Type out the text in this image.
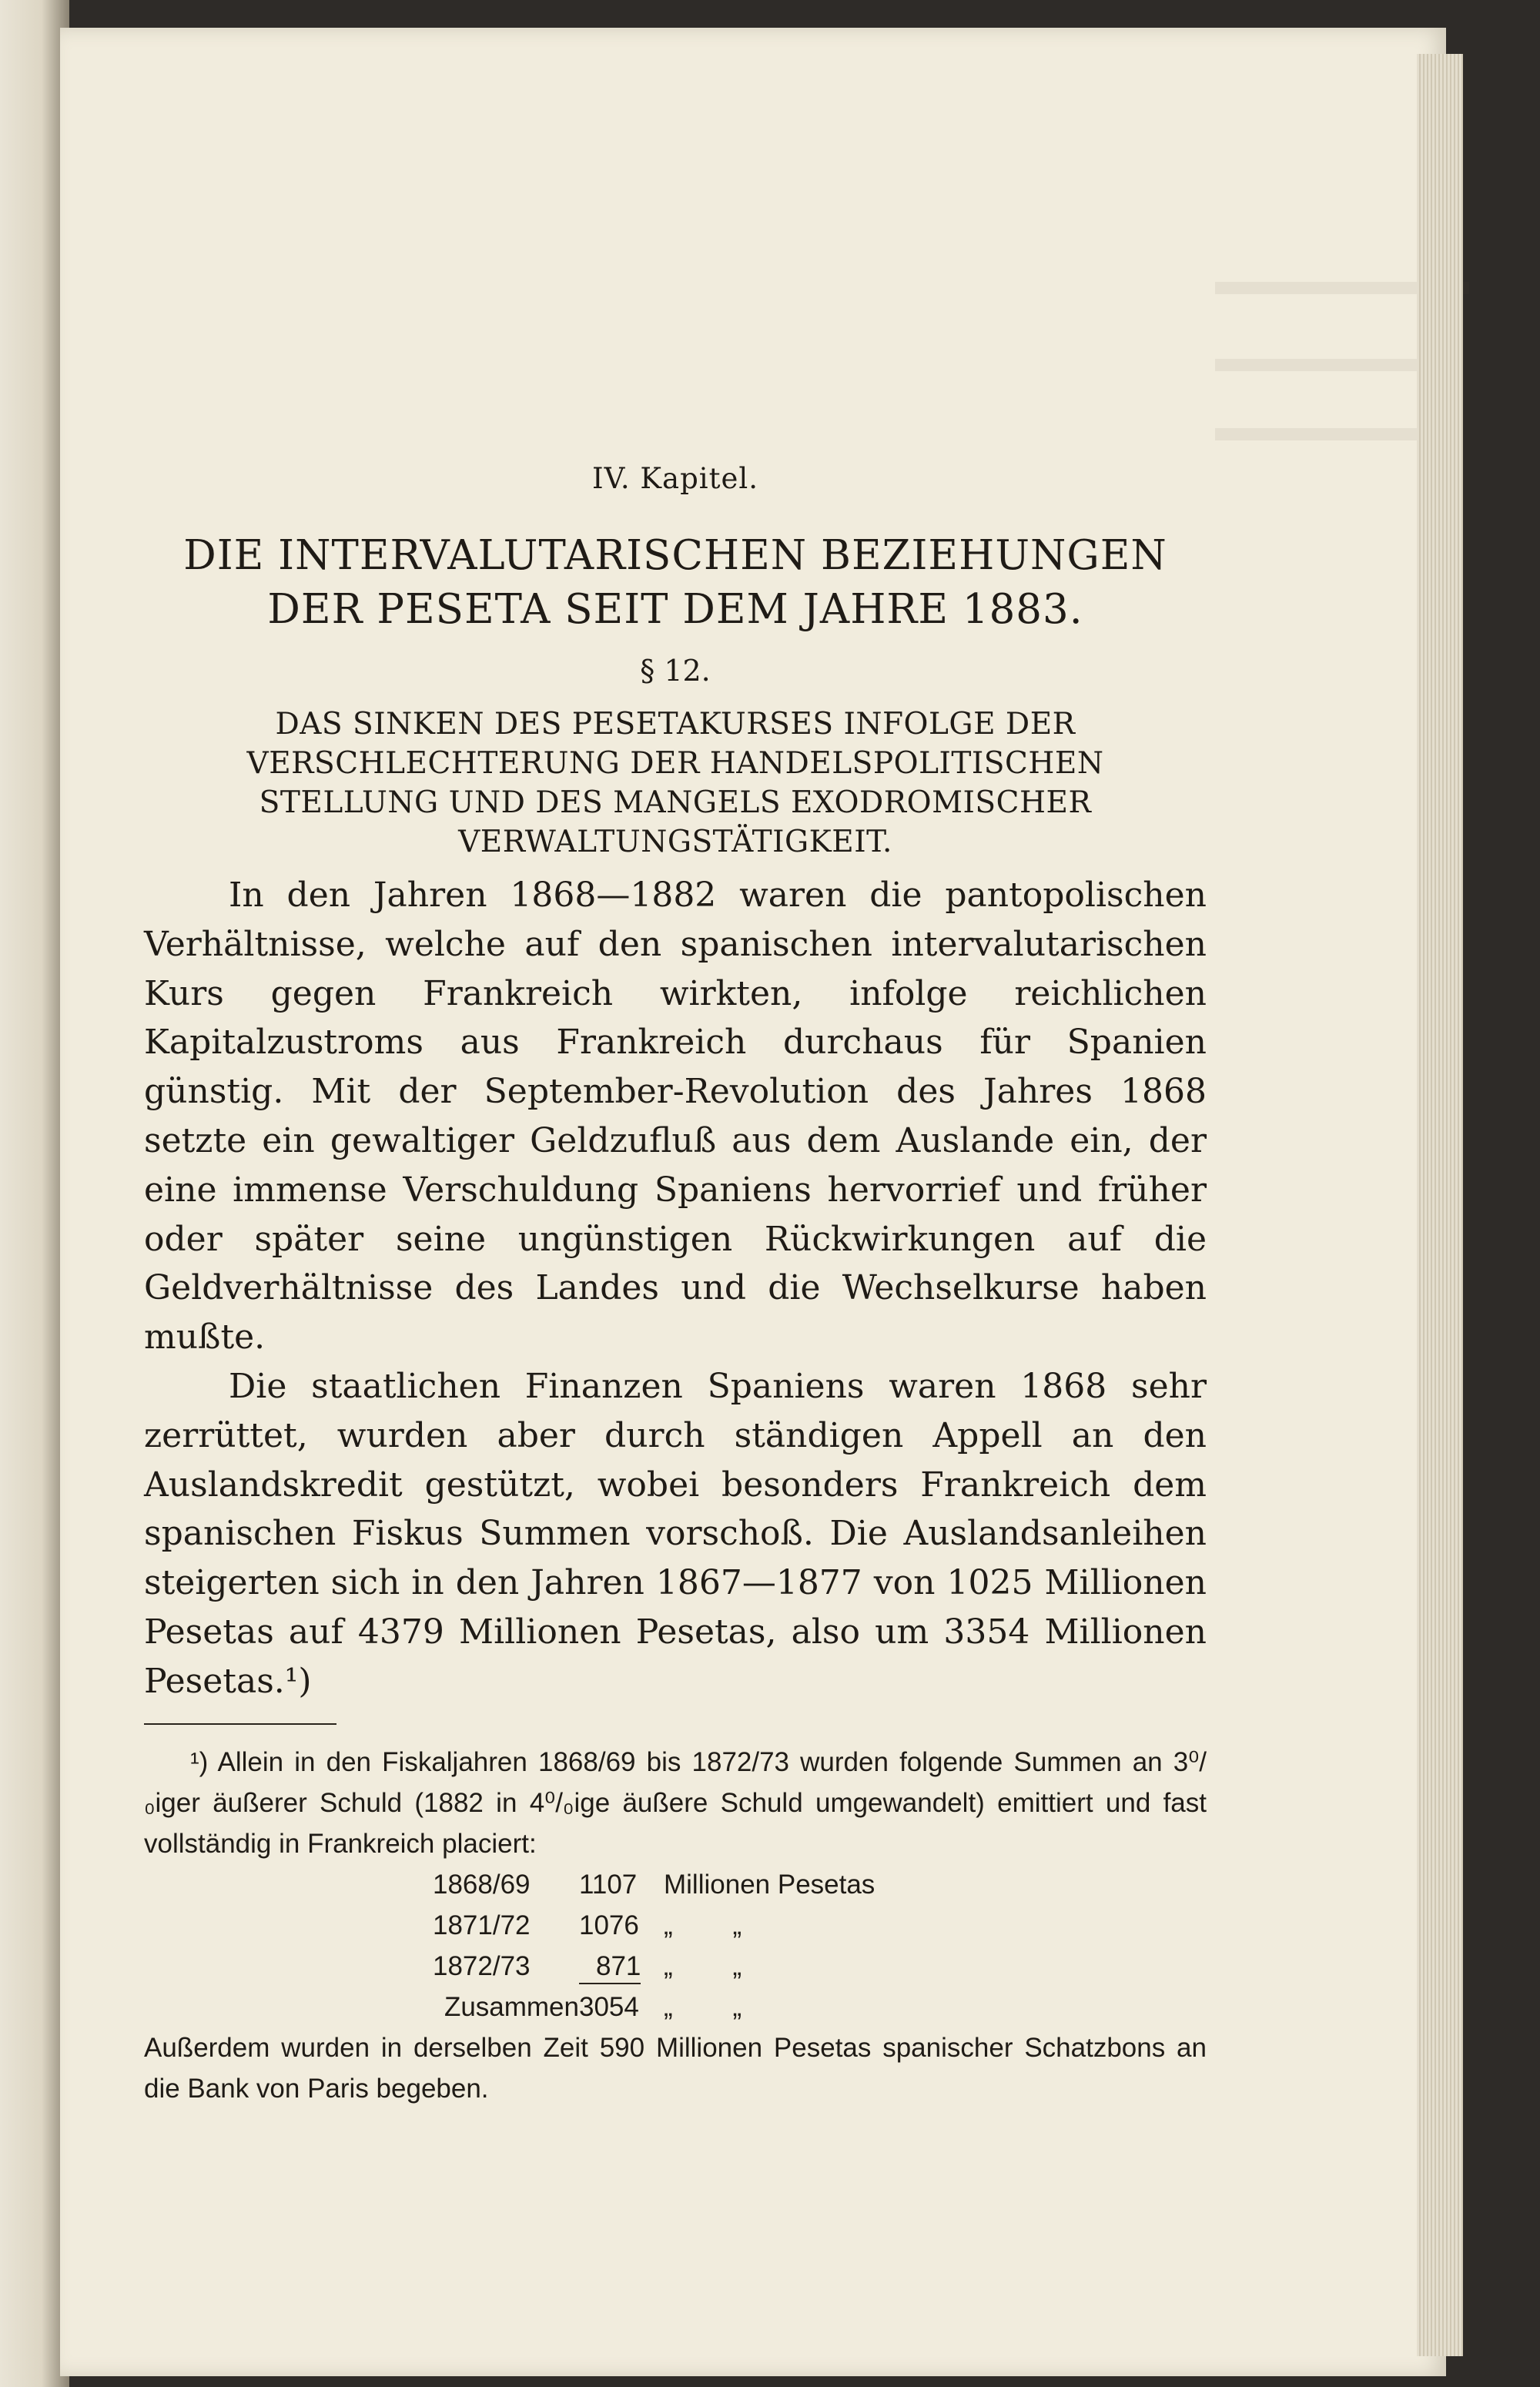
IV. Kapitel.

DIE INTERVALUTARISCHEN BEZIEHUNGEN

DER PESETA SEIT DEM JAHRE 1883.

§ 12.

DAS SINKEN DES PESETAKURSES INFOLGE DER

VERSCHLECHTERUNG DER HANDELSPOLITISCHEN

STELLUNG UND DES MANGELS EXODROMISCHER

VERWALTUNGSTÄTIGKEIT.

In den Jahren 1868—1882 waren die pantopolischen Verhältnisse, welche auf den spanischen intervalutarischen Kurs gegen Frankreich wirkten, infolge reichlichen Kapitalzustroms aus Frankreich durchaus für Spanien günstig. Mit der September-Revolution des Jahres 1868 setzte ein gewaltiger Geldzufluß aus dem Auslande ein, der eine immense Verschuldung Spaniens hervorrief und früher oder später seine ungünstigen Rückwirkungen auf die Geldverhältnisse des Landes und die Wechselkurse haben mußte.

Die staatlichen Finanzen Spaniens waren 1868 sehr zerrüttet, wurden aber durch ständigen Appell an den Auslandskredit gestützt, wobei besonders Frankreich dem spanischen Fiskus Summen vorschoß. Die Auslandsanleihen steigerten sich in den Jahren 1867—1877 von 1025 Millionen Pesetas auf 4379 Millionen Pesetas, also um 3354 Millionen Pesetas.¹)

¹) Allein in den Fiskaljahren 1868/69 bis 1872/73 wurden folgende Summen an 3⁰/₀iger äußerer Schuld (1882 in 4⁰/₀ige äußere Schuld umgewandelt) emittiert und fast vollständig in Frankreich placiert:

1868/69	1107	Millionen Pesetas
1871/72	1076	„        „
1872/73	871	„        „
Zusammen	3054	„        „

Außerdem wurden in derselben Zeit 590 Millionen Pesetas spanischer Schatzbons an die Bank von Paris begeben.
